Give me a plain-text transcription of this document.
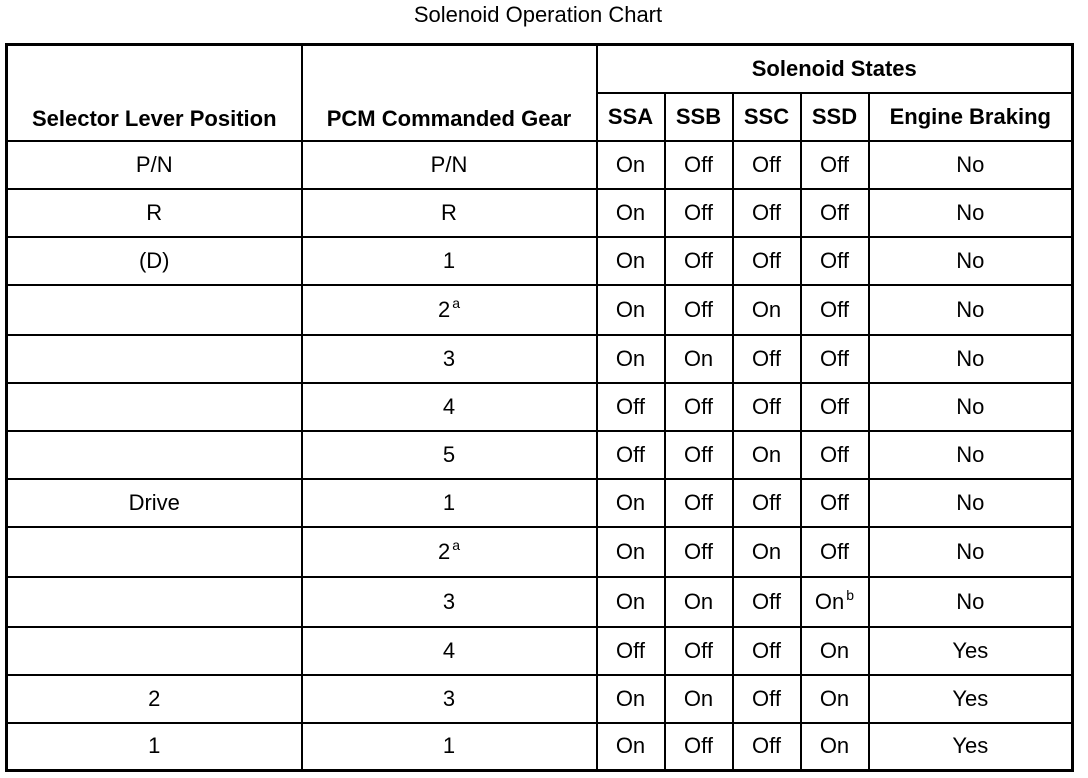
Solenoid Operation Chart
Selector Lever Position	PCM Commanded Gear	Solenoid States				
		SSA	SSB	SSC	SSD	Engine Braking
P/N	P/N	On	Off	Off	Off	No
R	R	On	Off	Off	Off	No
(D)	1	On	Off	Off	Off	No
	2 $^a$	On	Off	On	Off	No
	3	On	On	Off	Off	No
	4	Off	Off	Off	Off	No
	5	Off	Off	On	Off	No
Drive	1	On	Off	Off	Off	No
	2 $^a$	On	Off	On	Off	No
	3	On	On	Off	On $^b$	No
	4	Off	Off	Off	On	Yes
2	3	On	On	Off	On	Yes
1	1	On	Off	Off	On	Yes
